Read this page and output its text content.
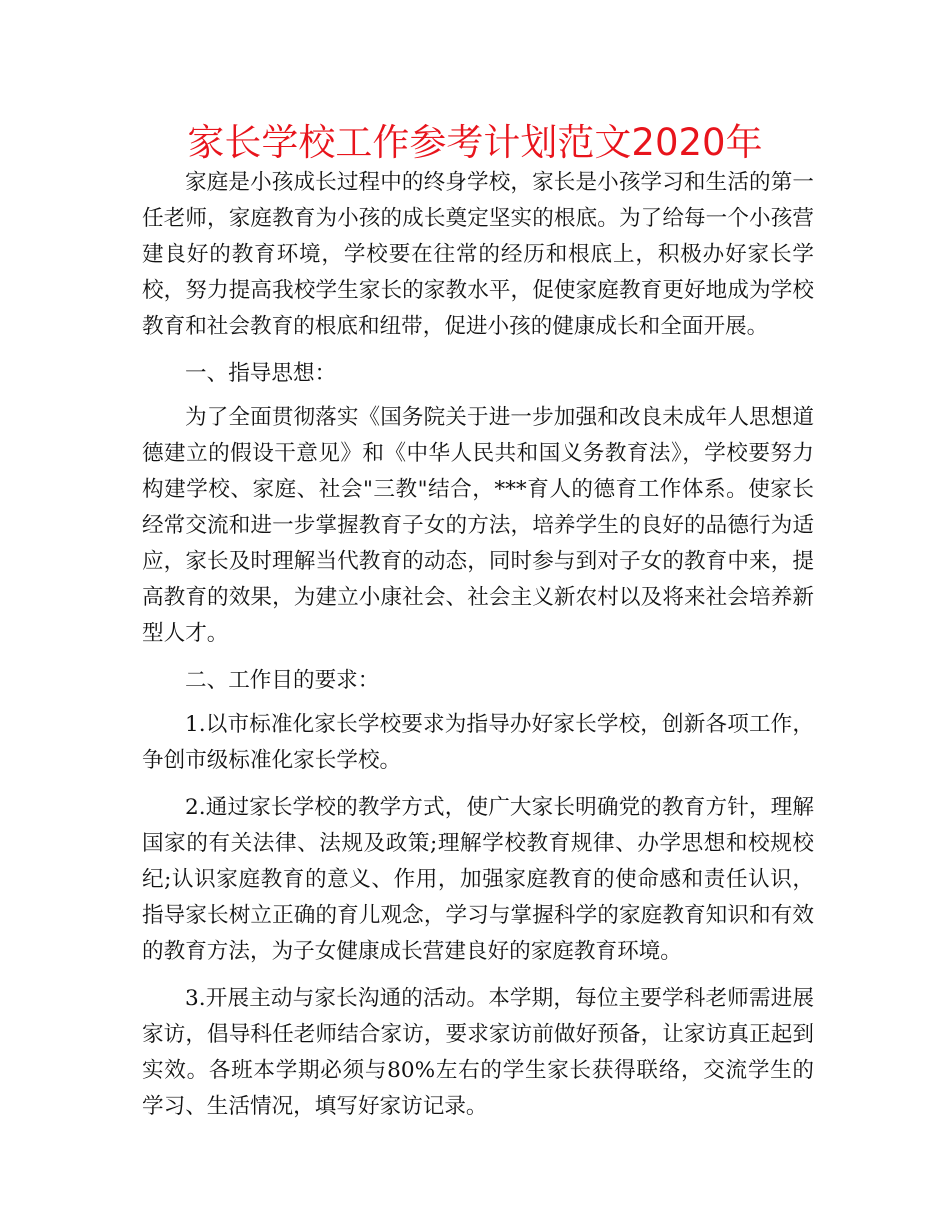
家长学校工作参考计划范文2020年

家庭是小孩成长过程中的终身学校，家长是小孩学习和生活的第一任老师，家庭教育为小孩的成长奠定坚实的根底。为了给每一个小孩营建良好的教育环境，学校要在往常的经历和根底上，积极办好家长学校，努力提高我校学生家长的家教水平，促使家庭教育更好地成为学校教育和社会教育的根底和纽带，促进小孩的健康成长和全面开展。

一、指导思想：

为了全面贯彻落实《国务院关于进一步加强和改良未成年人思想道德建立的假设干意见》和《中华人民共和国义务教育法》，学校要努力构建学校、家庭、社会"三教"结合，***育人的德育工作体系。使家长经常交流和进一步掌握教育子女的方法，培养学生的良好的品德行为适应，家长及时理解当代教育的动态，同时参与到对子女的教育中来，提高教育的效果，为建立小康社会、社会主义新农村以及将来社会培养新型人才。

二、工作目的要求：

1.以市标准化家长学校要求为指导办好家长学校，创新各项工作，争创市级标准化家长学校。

2.通过家长学校的教学方式，使广大家长明确党的教育方针，理解国家的有关法律、法规及政策;理解学校教育规律、办学思想和校规校纪;认识家庭教育的意义、作用，加强家庭教育的使命感和责任认识，指导家长树立正确的育儿观念，学习与掌握科学的家庭教育知识和有效的教育方法，为子女健康成长营建良好的家庭教育环境。

3.开展主动与家长沟通的活动。本学期，每位主要学科老师需进展家访，倡导科任老师结合家访，要求家访前做好预备，让家访真正起到实效。各班本学期必须与80%左右的学生家长获得联络，交流学生的学习、生活情况，填写好家访记录。
